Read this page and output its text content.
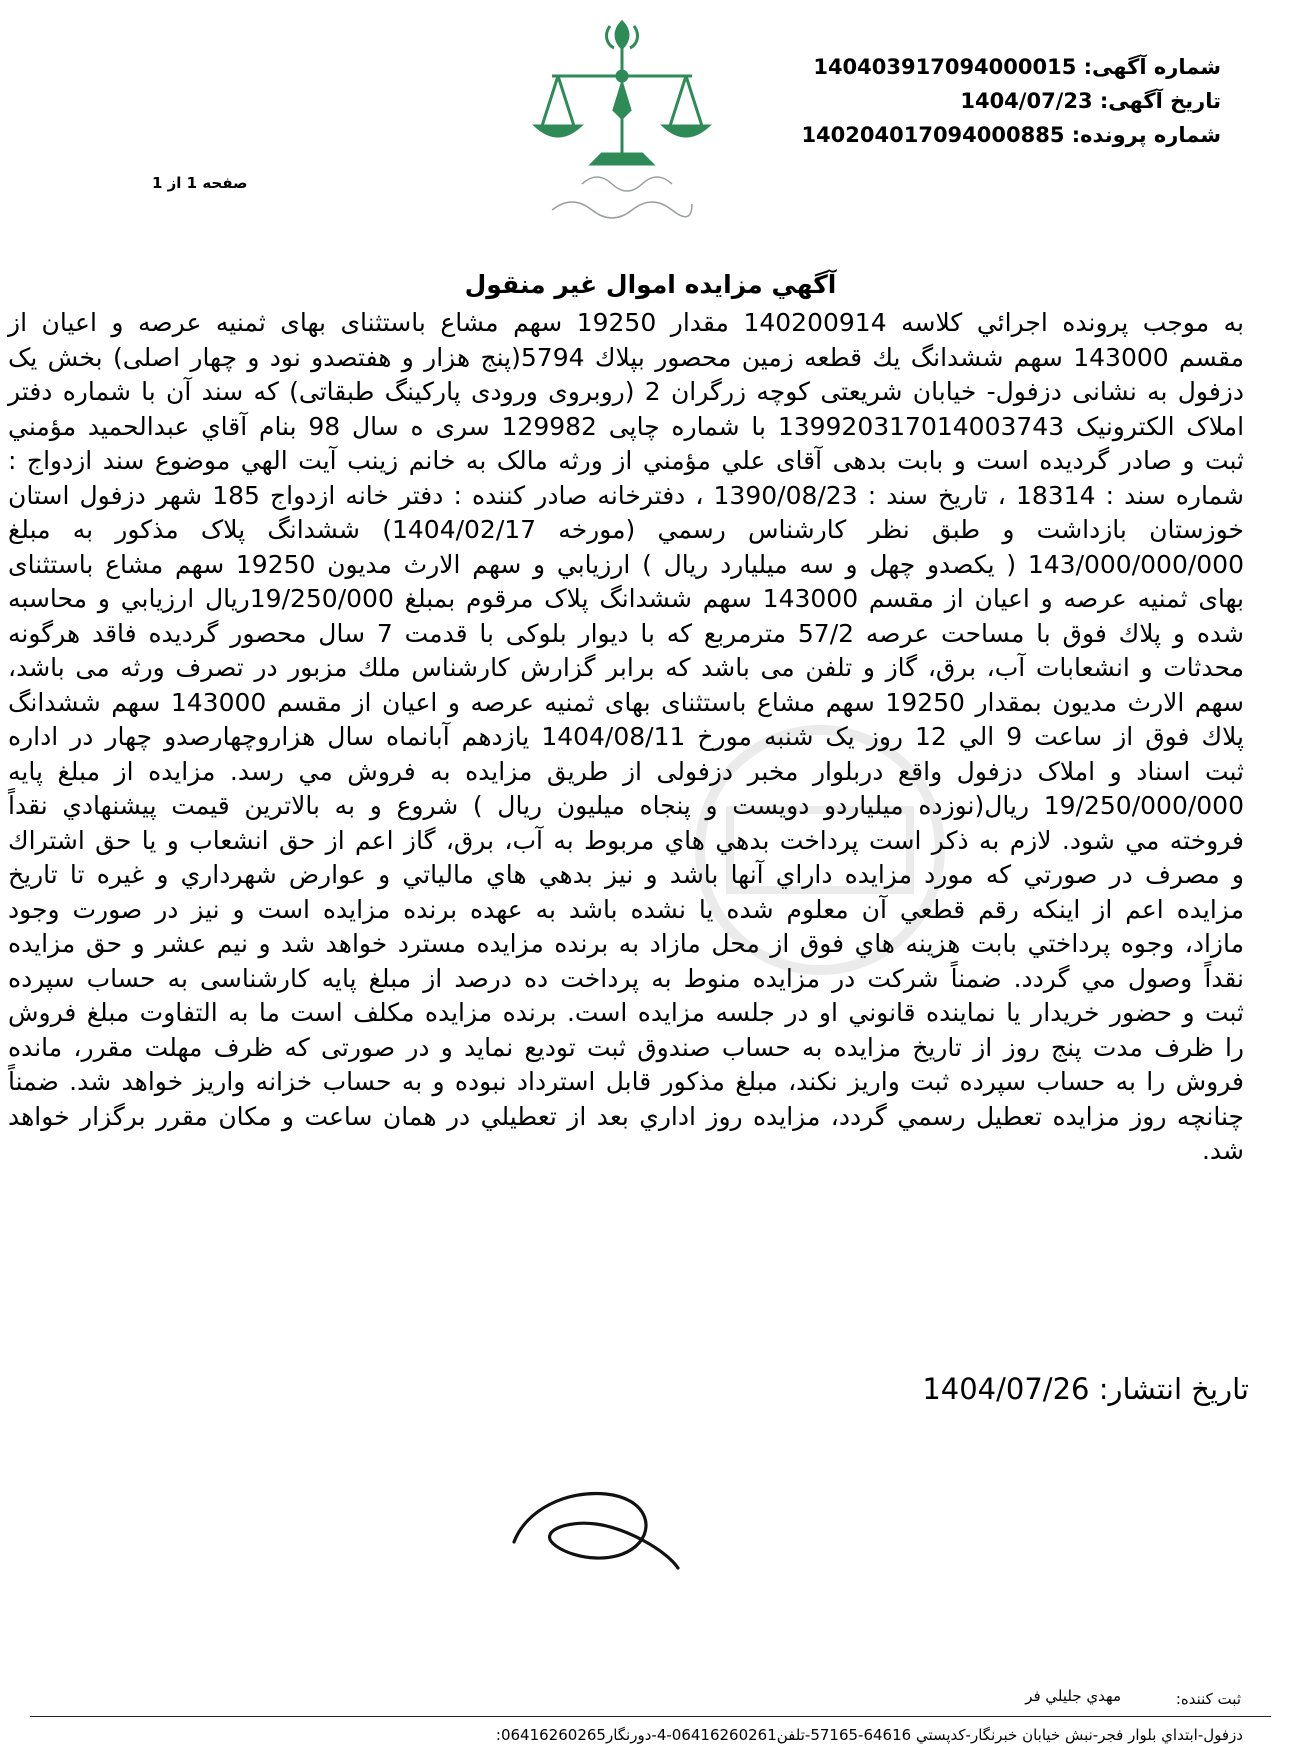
شماره آگهی: 14040391709400001​5
تاریخ آگهی: 1404/07/23
شماره پرونده: 14020401709400088​5
صفحه 1 از 1
آگهي مزايده اموال غير منقول
به موجب پرونده اجرائي كلاسه 140200914 مقدار 19250 سهم مشاع باستثنای بهای ثمنیه عرصه و اعیان از مقسم 143000 سهم ششدانگ يك قطعه زمين محصور بپلاك 5794(پنج هزار و هفتصدو نود و چهار اصلی) بخش یک دزفول به نشانی دزفول- خیابان شریعتی کوچه زرگران 2 (روبروی ورودی پارکینگ طبقاتی) که سند آن با شماره دفتر املاک الکترونیک 139920317014003743 با شماره چاپی 129982 سری ه سال 98 بنام آقاي عبدالحميد مؤمني ثبت و صادر گرديده است و بابت بدهی آقای علي مؤمني از ورثه مالک به خانم زینب آیت الهي موضوع سند ازدواج : شماره سند : 18314 ، تاریخ سند : 1390/08/23 ، دفترخانه صادر كننده : دفتر خانه ازدواج 185 شهر دزفول استان خوزستان بازداشت و طبق نظر كارشناس رسمي (مورخه 1404/02/17) ششدانگ پلاک مذکور به مبلغ 143/000/000/000 ( یکصدو چهل و سه میلیارد ریال ) ارزيابي و سهم الارث مدیون 19250 سهم مشاع باستثنای بهای ثمنیه عرصه و اعیان از مقسم 143000 سهم ششدانگ پلاک مرقوم بمبلغ 19/250/000ريال ارزيابي و محاسبه شده و پلاك فوق با مساحت عرصه 57/2 مترمربع که با دیوار بلوکی با قدمت 7 سال محصور گردیده فاقد هرگونه محدثات و انشعابات آب، برق، گاز و تلفن می باشد که برابر گزارش کارشناس ملك مزبور در تصرف ورثه می باشد، سهم الارث مدیون بمقدار 19250 سهم مشاع باستثنای بهای ثمنیه عرصه و اعیان از مقسم 143000 سهم ششدانگ پلاك فوق از ساعت 9 الي 12 روز یک شنبه مورخ 1404/08/11 یازدهم آبانماه سال هزاروچهارصدو چهار در اداره ثبت اسناد و املاک دزفول واقع دربلوار مخبر دزفولی از طريق مزايده به فروش مي رسد. مزايده از مبلغ پايه 19/250/000/000 ريال(نوزده میلیاردو دویست و پنجاه میلیون ریال ) شروع و به بالاترين قيمت پيشنهادي نقداً فروخته مي شود. لازم به ذكر است پرداخت بدهي هاي مربوط به آب، برق، گاز اعم از حق انشعاب و يا حق اشتراك و مصرف در صورتي كه مورد مزايده داراي آنها باشد و نيز بدهي هاي مالياتي و عوارض شهرداري و غيره تا تاريخ مزايده اعم از اينكه رقم قطعي آن معلوم شده يا نشده باشد به عهده برنده مزايده است و نيز در صورت وجود مازاد، وجوه پرداختي بابت هزينه هاي فوق از محل مازاد به برنده مزايده مسترد خواهد شد و نيم عشر و حق مزايده نقداً وصول مي گردد. ضمناً شرکت در مزایده منوط به پرداخت ده درصد از مبلغ پایه کارشناسی به حساب سپرده ثبت و حضور خريدار يا نماينده قانوني او در جلسه مزايده است. برنده مزایده مکلف است ما به التفاوت مبلغ فروش را ظرف مدت پنج روز از تاریخ مزایده به حساب صندوق ثبت تودیع نماید و در صورتی که ظرف مهلت مقرر، مانده فروش را به حساب سپرده ثبت واریز نکند، مبلغ مذکور قابل استرداد نبوده و به حساب خزانه واریز خواهد شد. ضمناً چنانچه روز مزايده تعطيل رسمي گردد، مزايده روز اداري بعد از تعطيلي در همان ساعت و مكان مقرر برگزار خواهد شد.
تاريخ انتشار: 1404/07/26
ثبت کننده:
مهدي جليلي فر
دزفول-ابتداي بلوار فجر-نبش خيابان خبرنگار-کدپستي 64616-57165-تلفن06416260261-4-دورنگار06416260265:
